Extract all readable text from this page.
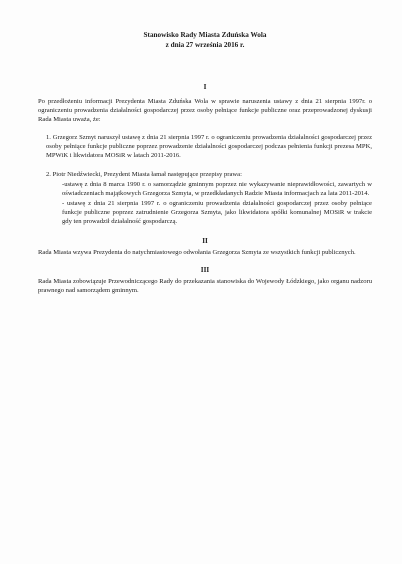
Stanowisko Rady Miasta Zduńska Wola
z dnia 27 września 2016 r.
I

Po przedłożeniu informacji Prezydenta Miasta Zduńska Wola w sprawie naruszenia ustawy z dnia 21 sierpnia 1997r. o ograniczeniu prowadzenia działalności gospodarczej przez osoby pełniące funkcje publiczne oraz przeprowadzonej dyskusji Rada Miasta uważa, że:

1. Grzegorz Szmyt naruszył ustawę z dnia 21 sierpnia 1997 r. o ograniczeniu prowadzenia działalności gospodarczej przez osoby pełniące funkcje publiczne poprzez prowadzenie działalności gospodarczej podczas pełnienia funkcji prezesa MPK, MPWiK i likwidatora MOSiR w latach 2011-2016.

2. Piotr Niedźwiecki, Prezydent Miasta łamał następujące przepisy prawa:

-ustawę z dnia 8 marca 1990 r. o samorządzie gminnym poprzez nie wykazywanie nieprawidłowości, zawartych w oświadczeniach majątkowych Grzegorza Szmyta, w przedkładanych Radzie Miasta informacjach za lata 2011-2014.

- ustawę z dnia 21 sierpnia 1997 r. o ograniczeniu prowadzenia działalności gospodarczej przez osoby pełniące funkcje publiczne poprzez zatrudnienie Grzegorza Szmyta, jako likwidatora spółki komunalnej MOSiR w trakcie gdy ten prowadził działalność gospodarczą.

II

Rada Miasta wzywa Prezydenta do natychmiastowego odwołania Grzegorza Szmyta ze wszystkich funkcji publicznych.

III

Rada Miasta zobowiązuje Przewodniczącego Rady do przekazania stanowiska do Wojewody Łódzkiego, jako organu nadzoru prawnego nad samorządem gminnym.
